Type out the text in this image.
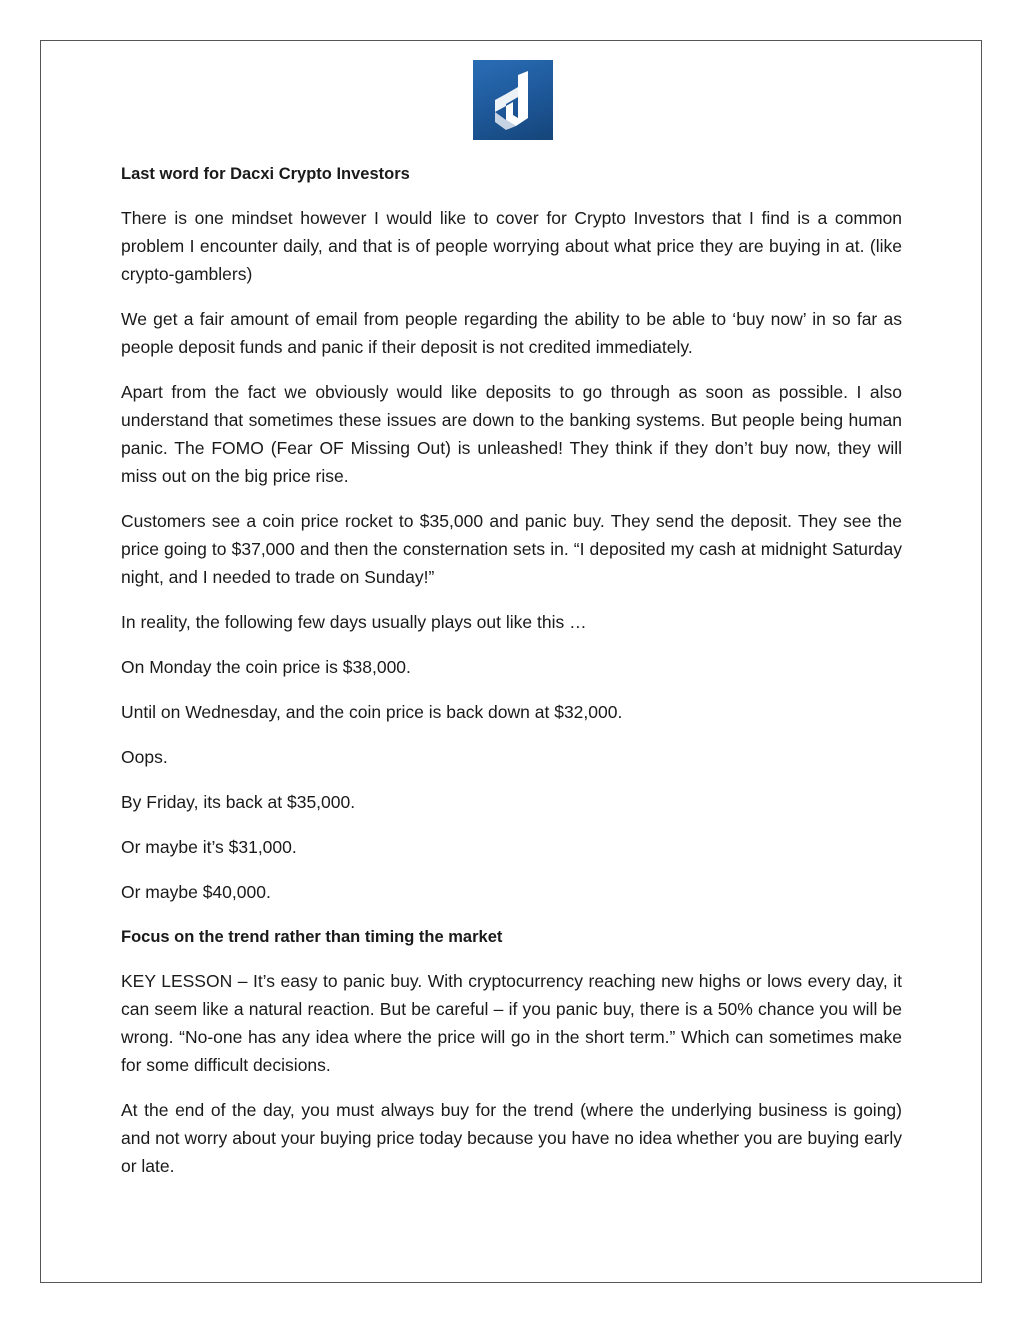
Last word for Dacxi Crypto Investors

There is one mindset however I would like to cover for Crypto Investors that I find is a common problem I encounter daily, and that is of people worrying about what price they are buying in at. (like crypto-gamblers)

We get a fair amount of email from people regarding the ability to be able to ‘buy now’ in so far as people deposit funds and panic if their deposit is not credited immediately.

Apart from the fact we obviously would like deposits to go through as soon as possible. I also understand that sometimes these issues are down to the banking systems. But people being human panic. The FOMO (Fear OF Missing Out) is unleashed! They think if they don’t buy now, they will miss out on the big price rise.

Customers see a coin price rocket to $35,000 and panic buy. They send the deposit. They see the price going to $37,000 and then the consternation sets in. “I deposited my cash at midnight Saturday night, and I needed to trade on Sunday!”

In reality, the following few days usually plays out like this …

On Monday the coin price is $38,000.

Until on Wednesday, and the coin price is back down at $32,000.

Oops.

By Friday, its back at $35,000.

Or maybe it’s $31,000.

Or maybe $40,000.

Focus on the trend rather than timing the market

KEY LESSON – It’s easy to panic buy. With cryptocurrency reaching new highs or lows every day, it can seem like a natural reaction. But be careful – if you panic buy, there is a 50% chance you will be wrong. “No-one has any idea where the price will go in the short term.” Which can sometimes make for some difficult decisions.

At the end of the day, you must always buy for the trend (where the underlying business is going) and not worry about your buying price today because you have no idea whether you are buying early or late.
